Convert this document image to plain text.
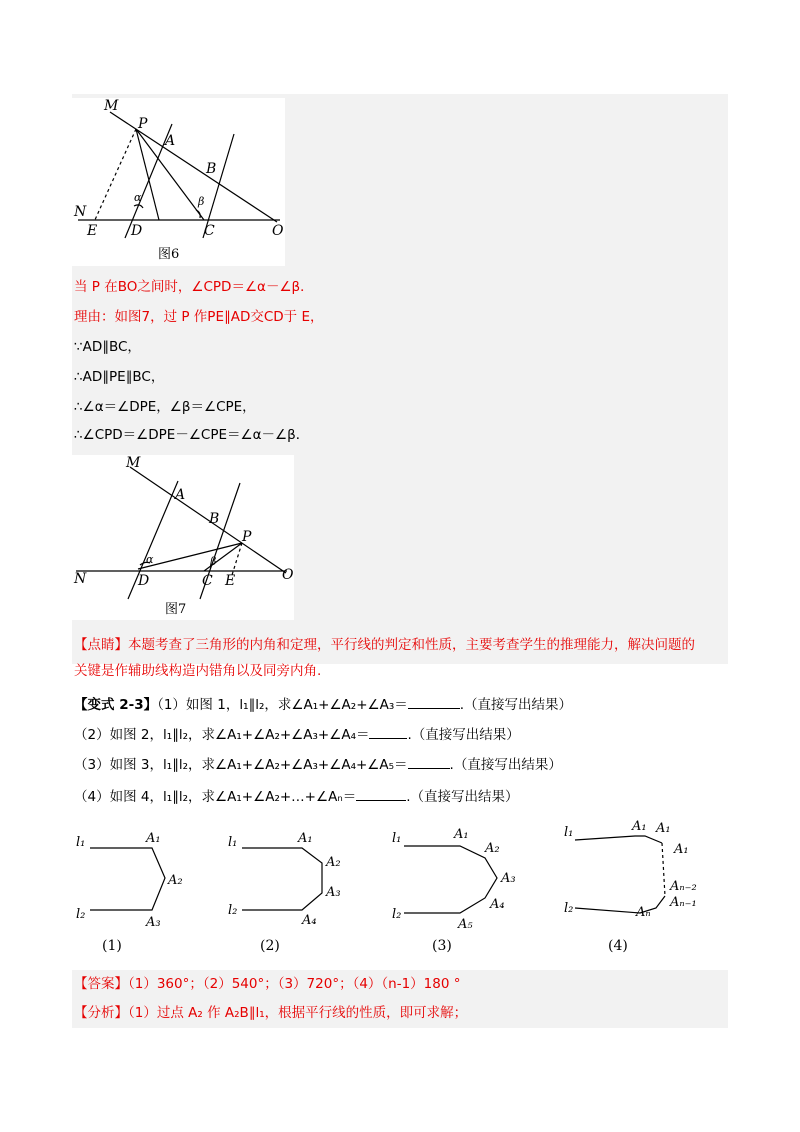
M
P
A
B
N
E D	C	O
α	β
图6
当 P 在BO之间时，∠CPD＝∠α－∠β．
理由：如图7，过 P 作PE∥AD交CD于 E，
∵AD∥BC，
∴AD∥PE∥BC，
∴∠α＝∠DPE，∠β＝∠CPE，
∴∠CPD＝∠DPE－∠CPE＝∠α－∠β．
M
A
B
P
N	D	C E	O
α	β
图7
【点睛】本题考查了三角形的内角和定理，平行线的判定和性质，主要考查学生的推理能力，解决问题的
关键是作辅助线构造内错角以及同旁内角.
【变式 2-3】（1）如图 1，l₁∥l₂，求∠A₁+∠A₂+∠A₃＝	.（直接写出结果）
（2）如图 2，l₁∥l₂，求∠A₁+∠A₂+∠A₃+∠A₄＝	.（直接写出结果）
（3）如图 3，l₁∥l₂，求∠A₁+∠A₂+∠A₃+∠A₄+∠A₅＝	.（直接写出结果）
（4）如图 4，l₁∥l₂，求∠A₁+∠A₂+…+∠Aₙ＝	.（直接写出结果）
l₁	A₁
A₂
l₂
A₃
l₁	A₁
A₂
A₃
l₂
A₄
l₁	A₁
A₂
A₃
A₄
l₂
A₅
l₁	A₁ A₁
A₁
Aₙ₋₂
Aₙ₋₁
l₂	Aₙ
(1)	(2)	(3)	(4)
【答案】（1）360°；（2）540°；（3）720°；（4）（n-1）180 °
【分析】（1）过点 A₂ 作 A₂B∥l₁，根据平行线的性质，即可求解；
